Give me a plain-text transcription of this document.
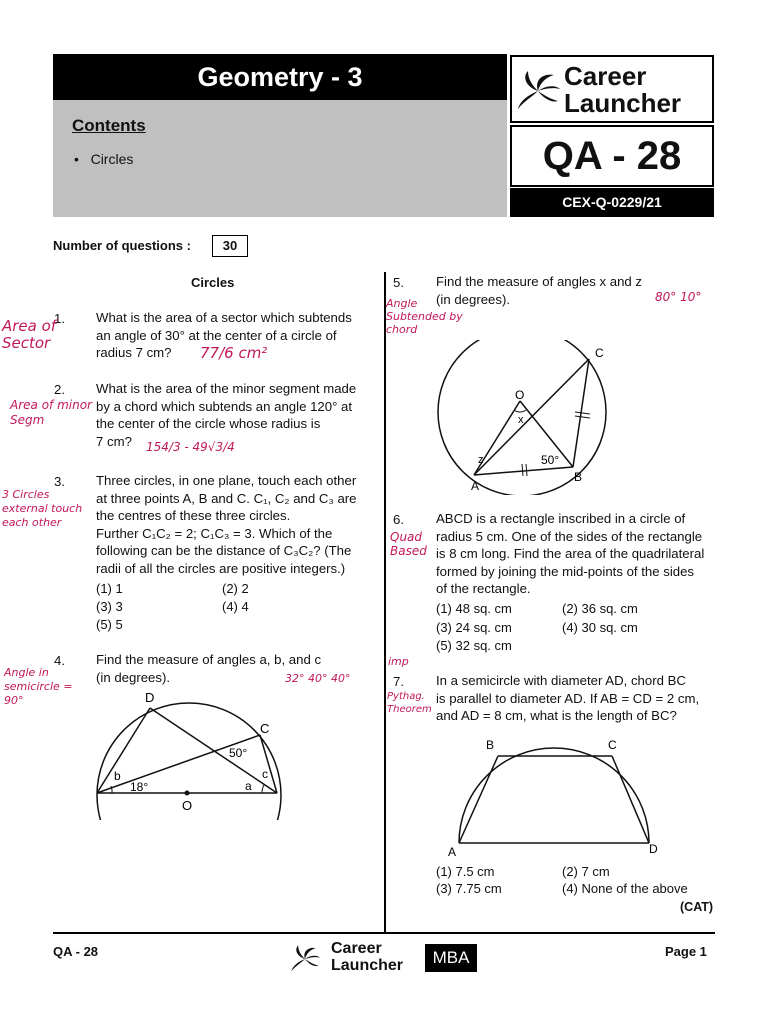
Geometry - 3
Contents
•   Circles
Career
Launcher
QA - 28
CEX-Q-0229/21
Number of questions :	30
Circles
1. What is the area of a sector which subtends
an angle of 30° at the center of a circle of
radius 7 cm?
2. What is the area of the minor segment made
by a chord which subtends an angle 120° at
the center of the circle whose radius is
7 cm?
3. Three circles, in one plane, touch each other
at three points A, B and C. C₁, C₂ and C₃ are
the centres of these three circles.
Further C₁C₂ = 2; C₁C₃ = 3. Which of the
following can be the distance of C₃C₂? (The
radii of all the circles are positive integers.)
(1) 1	(2) 2
(3) 3	(4) 4
(5) 5
4. Find the measure of angles a, b, and c
(in degrees).
D
C
b
50°
c
18°	a
O
5. Find the measure of angles x and z
(in degrees).
O
x
C
z	50°
A
B
6. ABCD is a rectangle inscribed in a circle of
radius 5 cm. One of the sides of the rectangle
is 8 cm long. Find the area of the quadrilateral
formed by joining the mid-points of the sides
of the rectangle.
(1) 48 sq. cm	(2) 36 sq. cm
(3) 24 sq. cm	(4) 30 sq. cm
(5) 32 sq. cm
7. In a semicircle with diameter AD, chord BC
is parallel to diameter AD. If AB = CD = 2 cm,
and AD = 8 cm, what is the length of BC?
B	C
A	D
(1) 7.5 cm	(2) 7 cm
(3) 7.75 cm	(4) None of the above
(CAT)
Area of Sector
77/6 cm²
Area of minor Segm
154/3 - 49√3/4
3 Circles external touch each other
Angle in semicircle = 90°
32° 40° 40°
Angle Subtended by chord
80° 10°
Quad Based
imp
Pythag. Theorem
QA - 28	Career
Launcher	MBA	Page 1
